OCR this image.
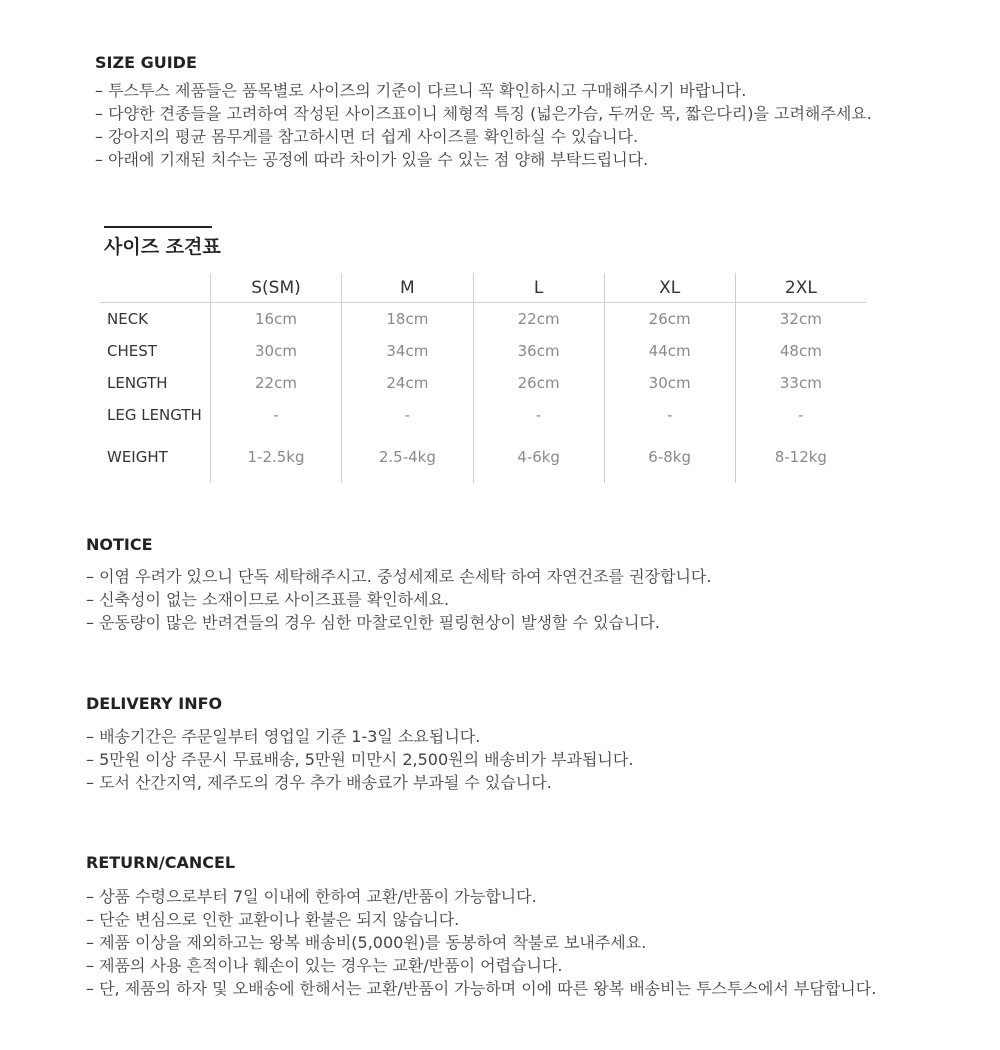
SIZE GUIDE
– 투스투스 제품들은 품목별로 사이즈의 기준이 다르니 꼭 확인하시고 구매해주시기 바랍니다.
– 다양한 견종들을 고려하여 작성된 사이즈표이니 체형적 특징 (넓은가슴, 두꺼운 목, 짧은다리)을 고려해주세요.
– 강아지의 평균 몸무게를 참고하시면 더 쉽게 사이즈를 확인하실 수 있습니다.
– 아래에 기재된 치수는 공정에 따라 차이가 있을 수 있는 점 양해 부탁드립니다.
사이즈 조견표
	S(SM)	M	L	XL	2XL
NECK	16cm	18cm	22cm	26cm	32cm
CHEST	30cm	34cm	36cm	44cm	48cm
LENGTH	22cm	24cm	26cm	30cm	33cm
LEG LENGTH	-	-	-	-	-
WEIGHT	1-2.5kg	2.5-4kg	4-6kg	6-8kg	8-12kg
NOTICE
– 이염 우려가 있으니 단독 세탁해주시고. 중성세제로 손세탁 하여 자연건조를 권장합니다.
– 신축성이 없는 소재이므로 사이즈표를 확인하세요.
– 운동량이 많은 반려견들의 경우 심한 마찰로인한 필링현상이 발생할 수 있습니다.
DELIVERY INFO
– 배송기간은 주문일부터 영업일 기준 1-3일 소요됩니다.
– 5만원 이상 주문시 무료배송, 5만원 미만시 2,500원의 배송비가 부과됩니다.
– 도서 산간지역, 제주도의 경우 추가 배송료가 부과될 수 있습니다.
RETURN/CANCEL
– 상품 수령으로부터 7일 이내에 한하여 교환/반품이 가능합니다.
– 단순 변심으로 인한 교환이나 환불은 되지 않습니다.
– 제품 이상을 제외하고는 왕복 배송비(5,000원)를 동봉하여 착불로 보내주세요.
– 제품의 사용 흔적이나 훼손이 있는 경우는 교환/반품이 어렵습니다.
– 단, 제품의 하자 및 오배송에 한해서는 교환/반품이 가능하며 이에 따른 왕복 배송비는 투스투스에서 부담합니다.
